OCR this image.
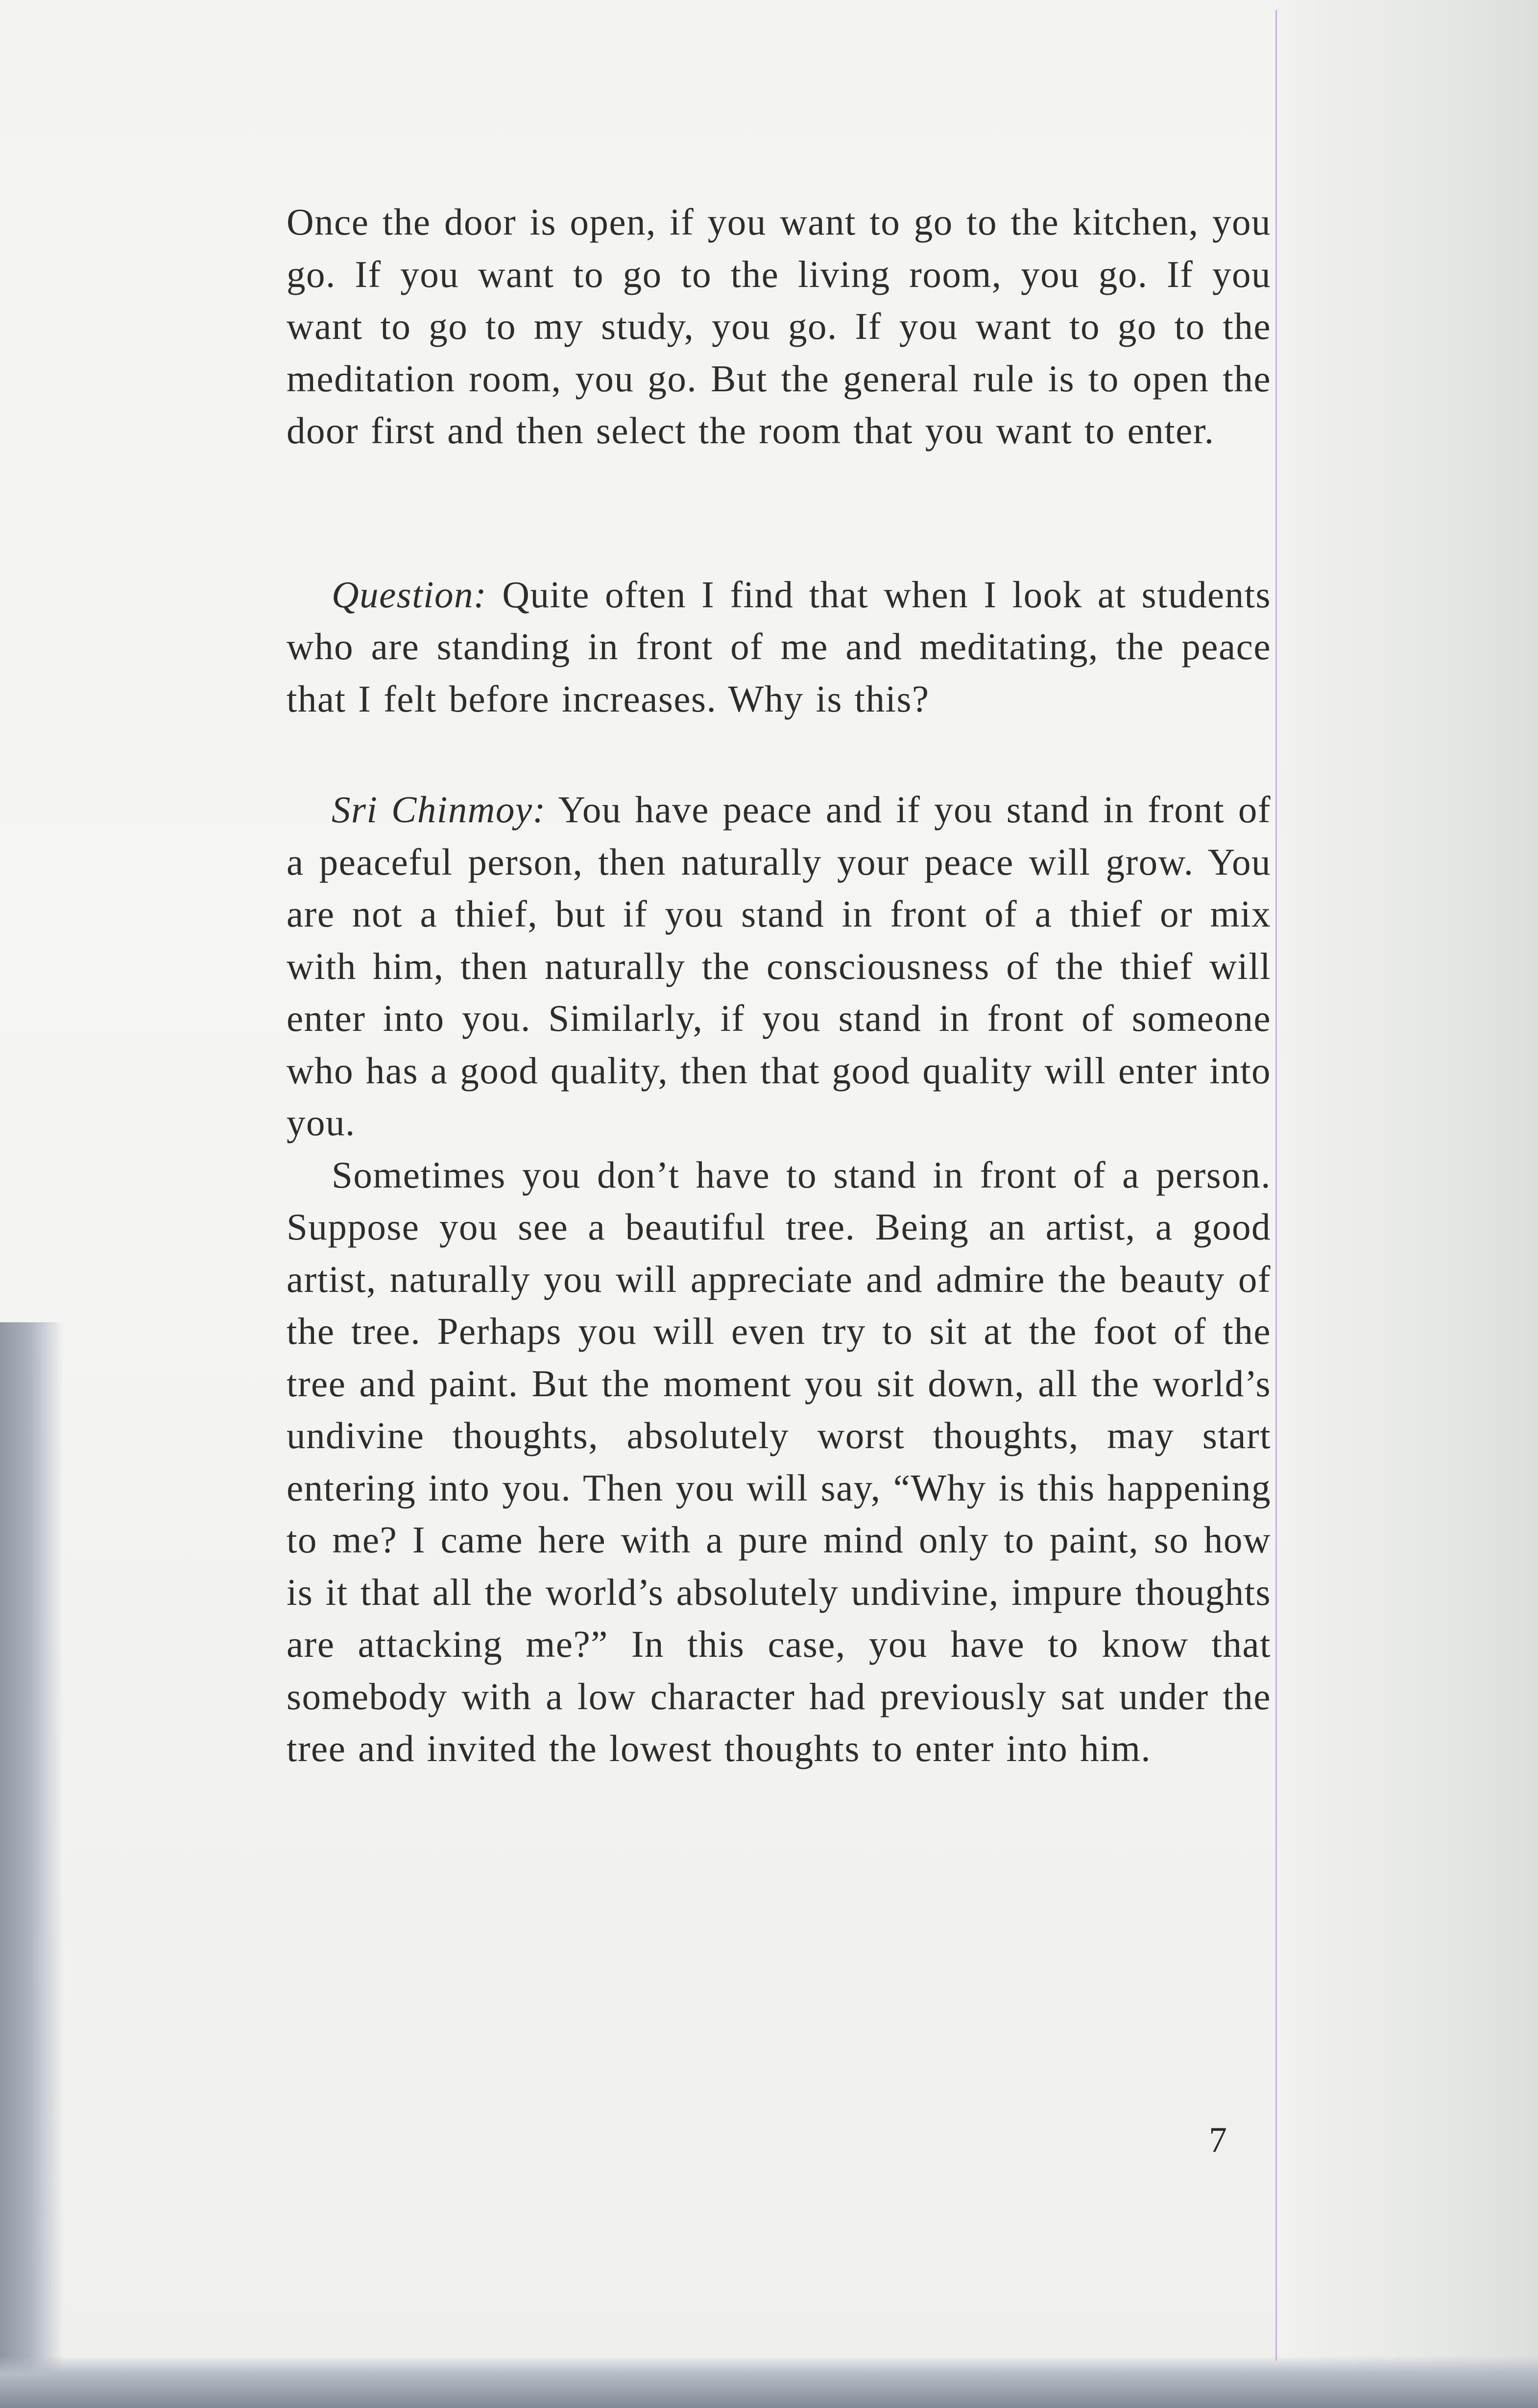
Once the door is open, if you want to go to the kitchen, you go. If you want to go to the living room, you go. If you want to go to my study, you go. If you want to go to the meditation room, you go. But the general rule is to open the door first and then select the room that you want to enter.

Question: Quite often I find that when I look at students who are standing in front of me and meditating, the peace that I felt before increases. Why is this?

Sri Chinmoy: You have peace and if you stand in front of a peaceful person, then naturally your peace will grow. You are not a thief, but if you stand in front of a thief or mix with him, then naturally the consciousness of the thief will enter into you. Similarly, if you stand in front of someone who has a good quality, then that good quality will enter into you.

Sometimes you don’t have to stand in front of a person. Suppose you see a beautiful tree. Being an artist, a good artist, naturally you will appreciate and admire the beauty of the tree. Perhaps you will even try to sit at the foot of the tree and paint. But the moment you sit down, all the world’s undivine thoughts, absolutely worst thoughts, may start entering into you. Then you will say, “Why is this happening to me? I came here with a pure mind only to paint, so how is it that all the world’s absolutely undivine, impure thoughts are attacking me?” In this case, you have to know that somebody with a low character had previously sat under the tree and invited the lowest thoughts to enter into him.

7
